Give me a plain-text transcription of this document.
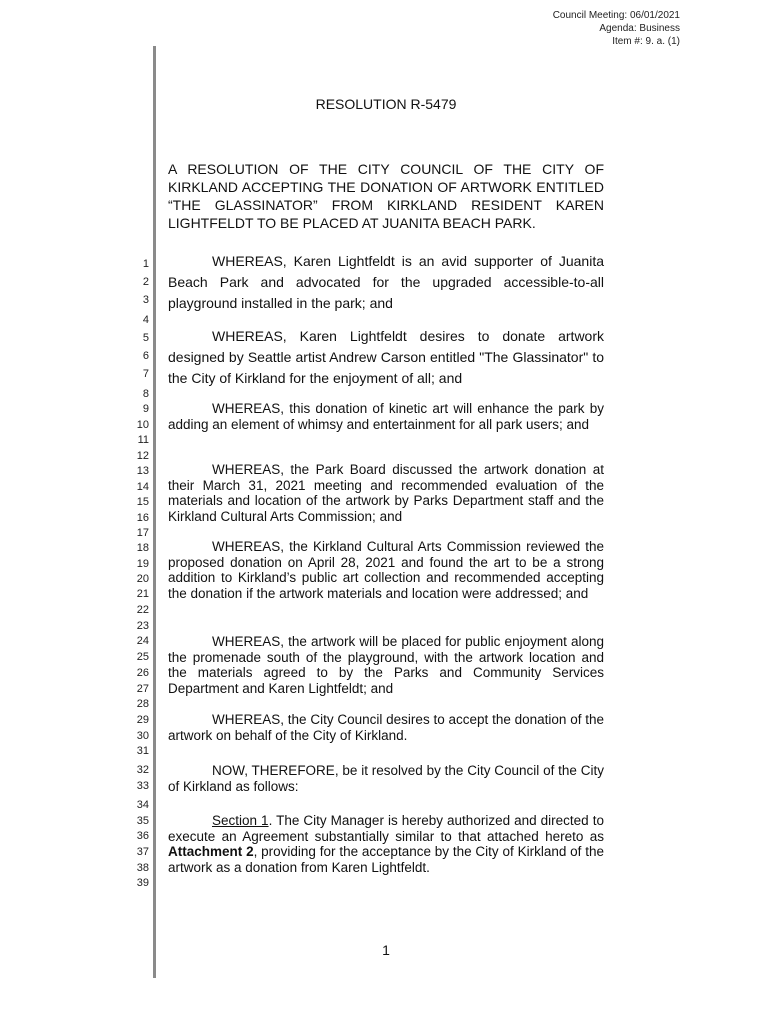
Council Meeting: 06/01/2021
Agenda: Business
Item #: 9. a. (1)
1
2
3
4
5
6
7
8
9
10
11
12
13
14
15
16
17
18
19
20
21
22
23
24
25
26
27
28
29
30
31
32
33
34
35
36
37
38
39
RESOLUTION R-5479
A RESOLUTION OF THE CITY COUNCIL OF THE CITY OF KIRKLAND ACCEPTING THE DONATION OF ARTWORK ENTITLED “THE GLASSINATOR” FROM KIRKLAND RESIDENT KAREN LIGHTFELDT TO BE PLACED AT JUANITA BEACH PARK.

WHEREAS, Karen Lightfeldt is an avid supporter of Juanita Beach Park and advocated for the upgraded accessible-to-all playground installed in the park; and

WHEREAS, Karen Lightfeldt desires to donate artwork designed by Seattle artist Andrew Carson entitled "The Glassinator" to the City of Kirkland for the enjoyment of all; and

WHEREAS, this donation of kinetic art will enhance the park by adding an element of whimsy and entertainment for all park users; and

WHEREAS, the Park Board discussed the artwork donation at their March 31, 2021 meeting and recommended evaluation of the materials and location of the artwork by Parks Department staff and the Kirkland Cultural Arts Commission; and

WHEREAS, the Kirkland Cultural Arts Commission reviewed the proposed donation on April 28, 2021 and found the art to be a strong addition to Kirkland’s public art collection and recommended accepting the donation if the artwork materials and location were addressed; and

WHEREAS, the artwork will be placed for public enjoyment along the promenade south of the playground, with the artwork location and the materials agreed to by the Parks and Community Services Department and Karen Lightfeldt; and

WHEREAS, the City Council desires to accept the donation of the artwork on behalf of the City of Kirkland.

NOW, THEREFORE, be it resolved by the City Council of the City of Kirkland as follows:

Section 1. The City Manager is hereby authorized and directed to execute an Agreement substantially similar to that attached hereto as Attachment 2, providing for the acceptance by the City of Kirkland of the artwork as a donation from Karen Lightfeldt.

1
